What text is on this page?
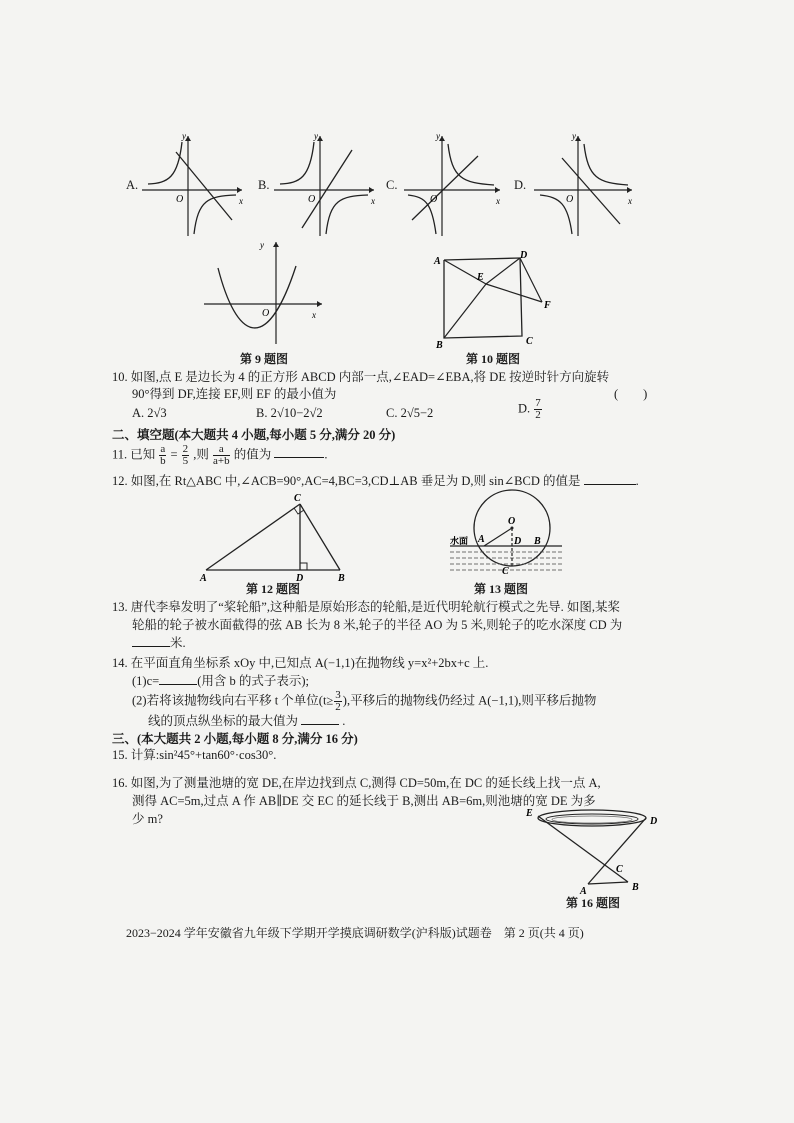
A.
y
x
O
B.
y
x
O
C.
y
x
O
D.
y
x
O
y
x
O
第 9 题图
A
D
E
F
B	C
第 10 题图
10. 如图,点 E 是边长为 4 的正方形 ABCD 内部一点,∠EAD=∠EBA,将 DE 按逆时针方向旋转
90°得到 DF,连接 EF,则 EF 的最小值为	(　　)
A. 2√3	B. 2√10−2√2	C. 2√5−2	D. $\frac{7}{2}$
二、填空题(本大题共 4 小题,每小题 5 分,满分 20 分)
11. 已知 $\frac{a}{b} = \frac{2}{5}$ ,则 $\frac{a}{a+b}$ 的值为	.
12. 如图,在 Rt△ABC 中,∠ACB=90°,AC=4,BC=3,CD⊥AB 垂足为 D,则 sin∠BCD 的值是	.
C
A	D	B
第 12 题图
O
水面 A	D B
C
第 13 题图
13. 唐代李皋发明了“桨轮船”,这种船是原始形态的轮船,是近代明轮航行模式之先导. 如图,某桨
轮船的轮子被水面截得的弦 AB 长为 8 米,轮子的半径 AO 为 5 米,则轮子的吃水深度 CD 为
米.
14. 在平面直角坐标系 xOy 中,已知点 A(−1,1)在抛物线 y=x²+2bx+c 上.
(1)c=	(用含 b 的式子表示);
(2)若将该抛物线向右平移 t 个单位($t\ge \frac{3}{2}$ ),平移后的抛物线仍经过 A(−1,1),则平移后抛物
线的顶点纵坐标的最大值为	.
三、(本大题共 2 小题,每小题 8 分,满分 16 分)
15. 计算:sin²45°+tan60°·cos30°.
16. 如图,为了测量池塘的宽 DE,在岸边找到点 C,测得 CD=50m,在 DC 的延长线上找一点 A,
测得 AC=5m,过点 A 作 AB∥DE 交 EC 的延长线于 B,测出 AB=6m,则池塘的宽 DE 为多
少 m?	E
D
C
A	B
第 16 题图
2023−2024 学年安徽省九年级下学期开学摸底调研数学(沪科版)试题卷　第 2 页(共 4 页)
